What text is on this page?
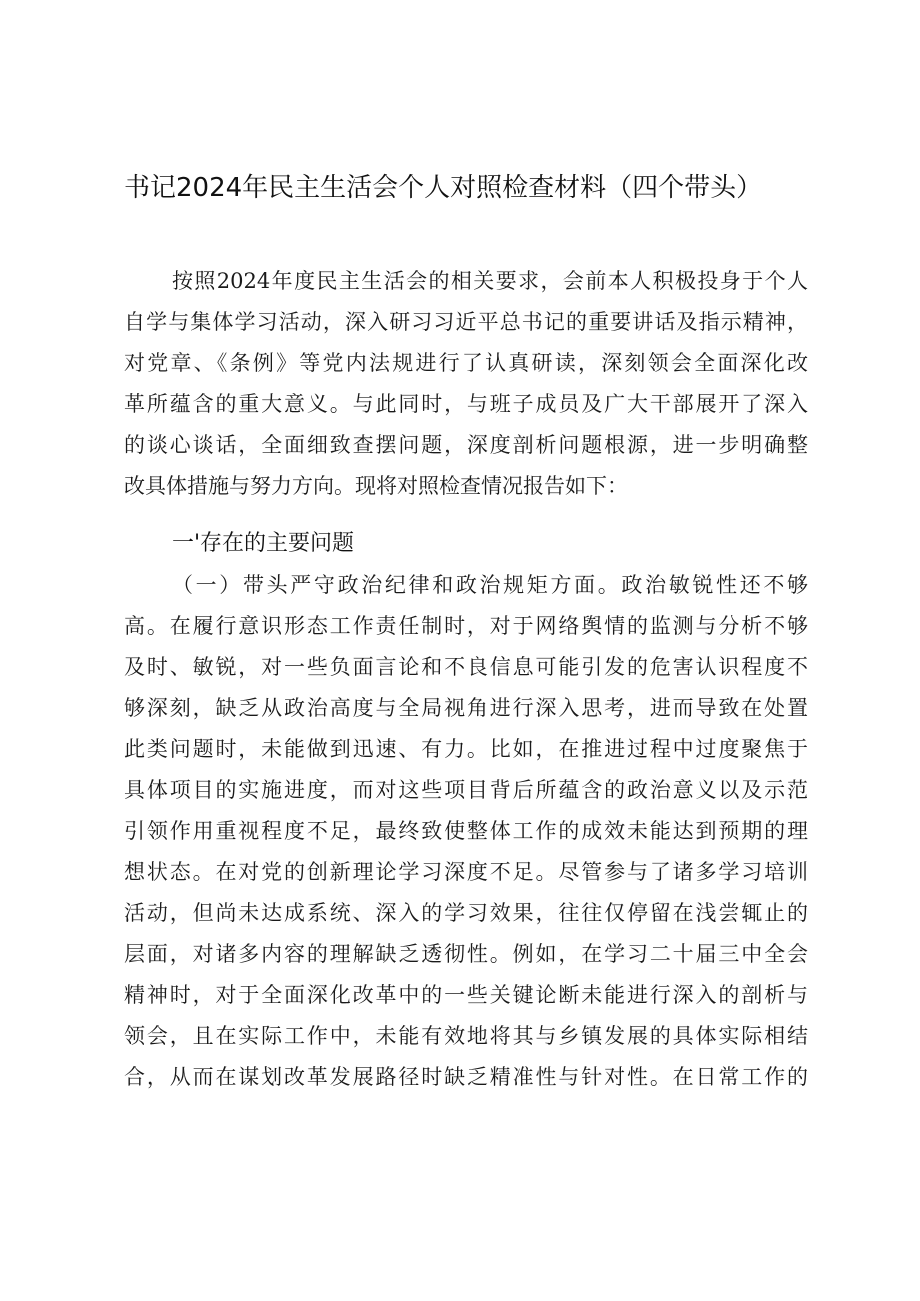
书记2024年民主生活会个人对照检查材料（四个带头）
按照2024年度民主生活会的相关要求，会前本人积极投身于个人
自学与集体学习活动，深入研习习近平总书记的重要讲话及指示精神，
对党章、《条例》等党内法规进行了认真研读，深刻领会全面深化改
革所蕴含的重大意义。与此同时，与班子成员及广大干部展开了深入
的谈心谈话，全面细致查摆问题，深度剖析问题根源，进一步明确整
改具体措施与努力方向。现将对照检查情况报告如下：
一'存在的主要问题
（一）带头严守政治纪律和政治规矩方面。政治敏锐性还不够
高。在履行意识形态工作责任制时，对于网络舆情的监测与分析不够
及时、敏锐，对一些负面言论和不良信息可能引发的危害认识程度不
够深刻，缺乏从政治高度与全局视角进行深入思考，进而导致在处置
此类问题时，未能做到迅速、有力。比如，在推进过程中过度聚焦于
具体项目的实施进度，而对这些项目背后所蕴含的政治意义以及示范
引领作用重视程度不足，最终致使整体工作的成效未能达到预期的理
想状态。在对党的创新理论学习深度不足。尽管参与了诸多学习培训
活动，但尚未达成系统、深入的学习效果，往往仅停留在浅尝辄止的
层面，对诸多内容的理解缺乏透彻性。例如，在学习二十届三中全会
精神时，对于全面深化改革中的一些关键论断未能进行深入的剖析与
领会，且在实际工作中，未能有效地将其与乡镇发展的具体实际相结
合，从而在谋划改革发展路径时缺乏精准性与针对性。在日常工作的
